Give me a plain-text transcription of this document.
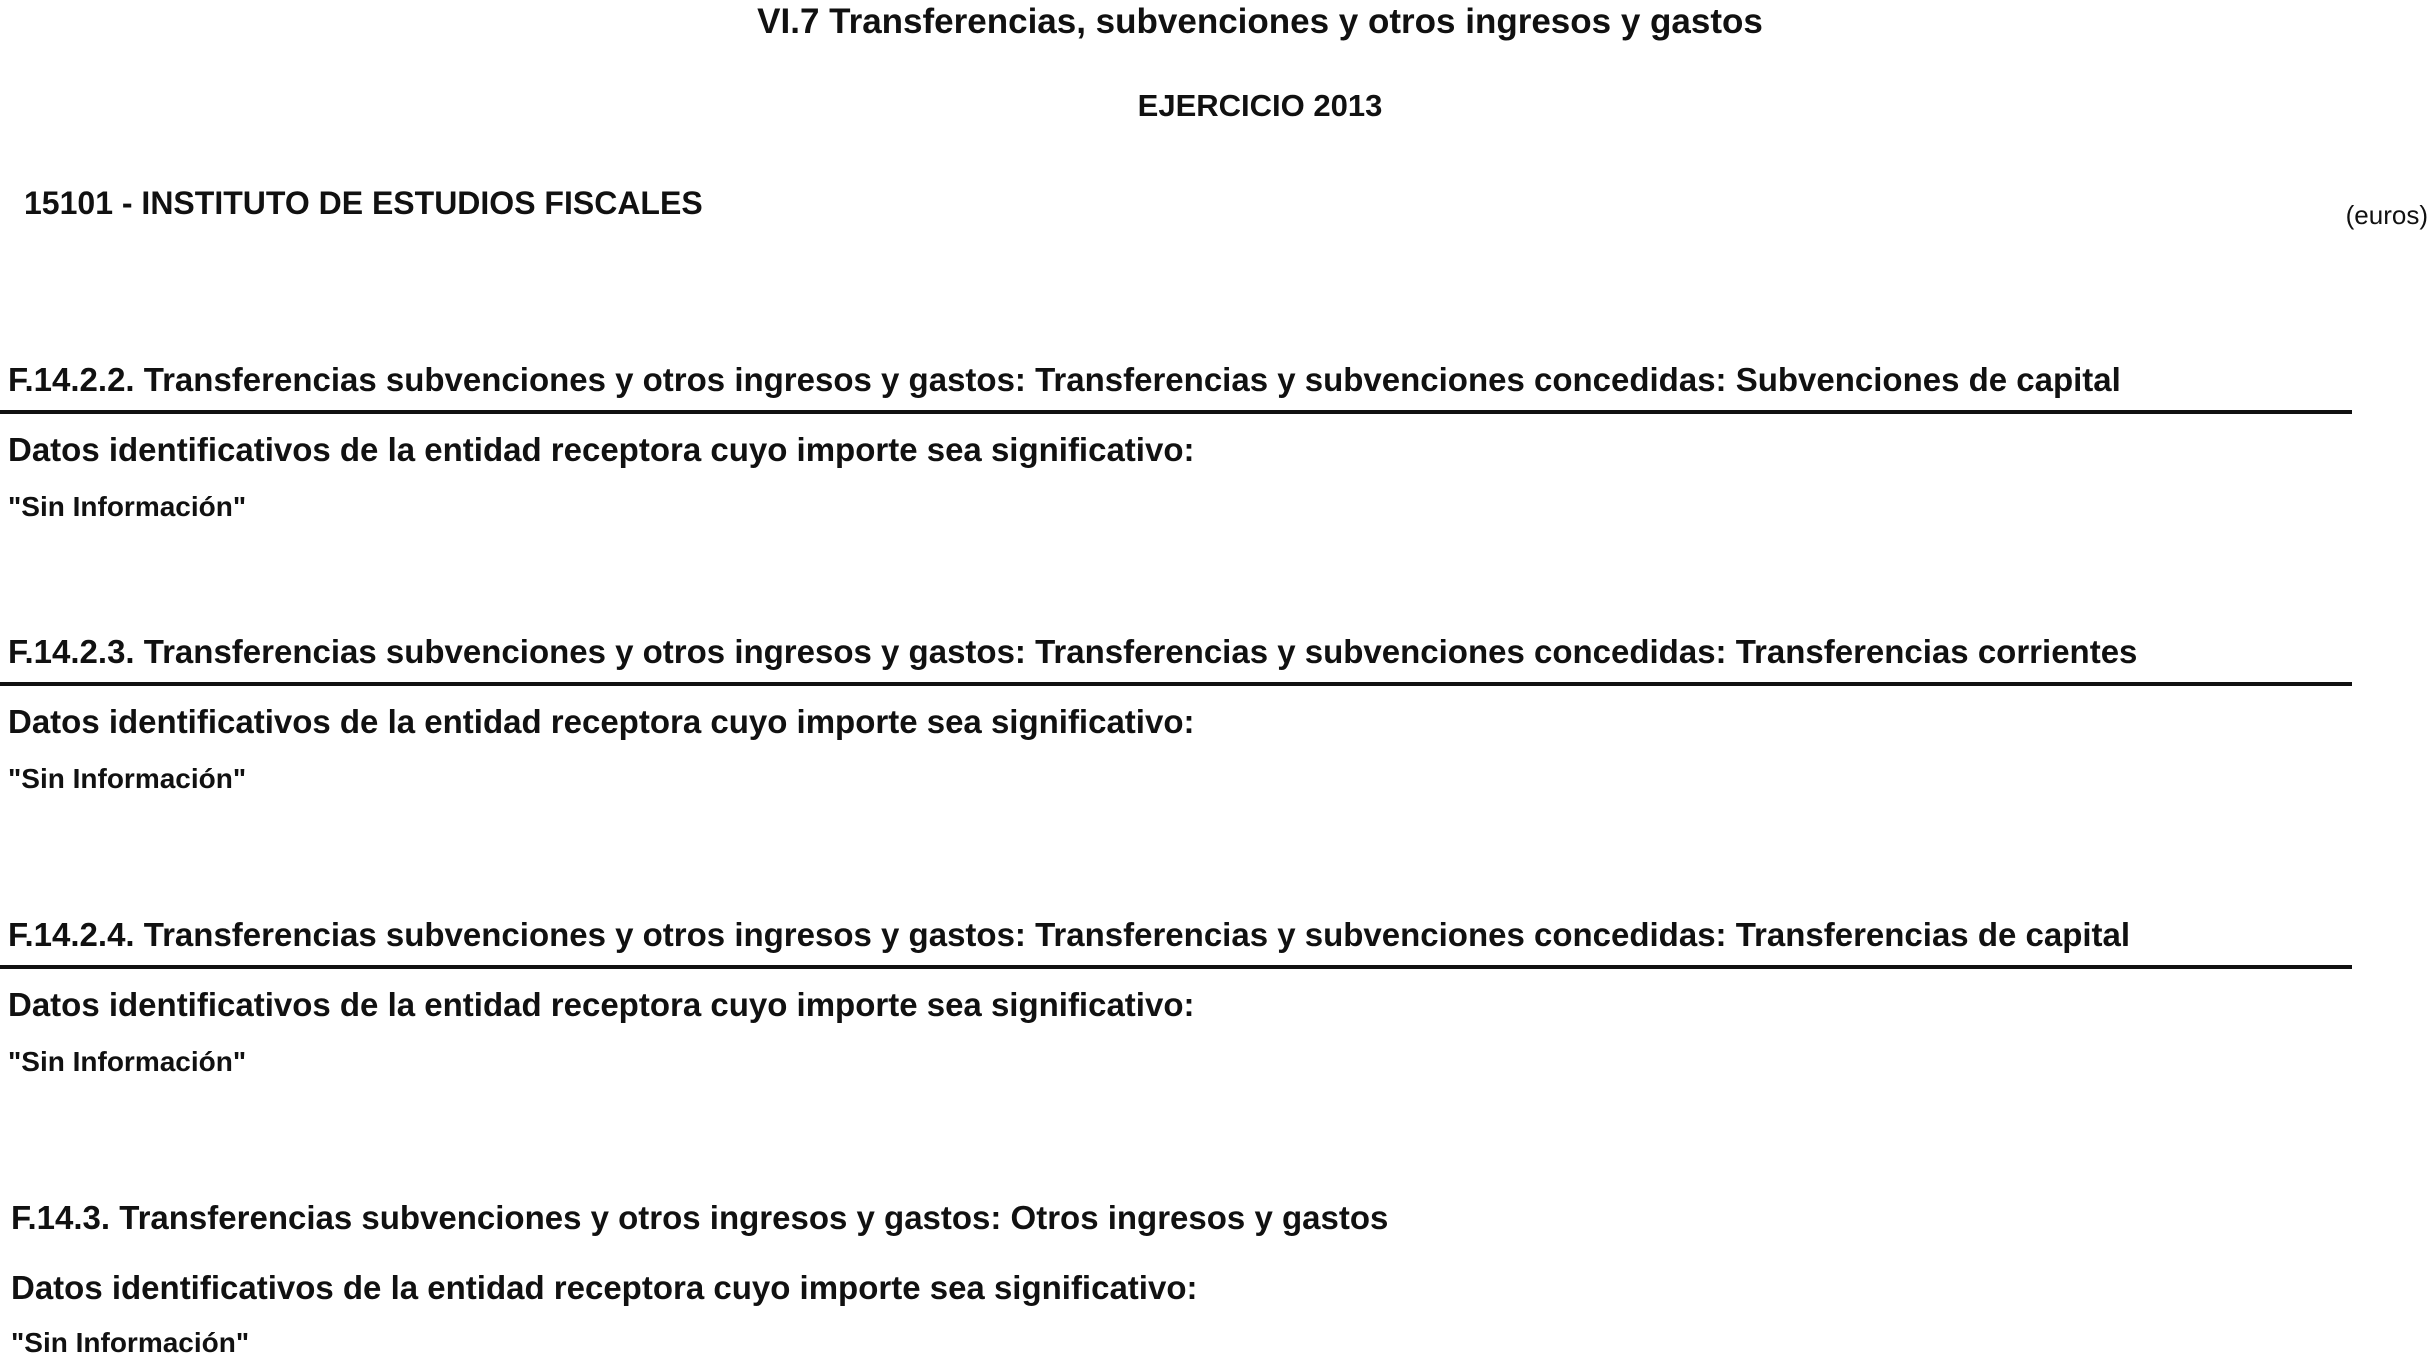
VI.7 Transferencias, subvenciones y otros ingresos y gastos
EJERCICIO 2013
15101 - INSTITUTO DE ESTUDIOS FISCALES	(euros)
F.14.2.2. Transferencias subvenciones y otros ingresos y gastos: Transferencias y subvenciones concedidas: Subvenciones de capital
Datos identificativos de la entidad receptora cuyo importe sea significativo:
"Sin Información"
F.14.2.3. Transferencias subvenciones y otros ingresos y gastos: Transferencias y subvenciones concedidas: Transferencias corrientes
Datos identificativos de la entidad receptora cuyo importe sea significativo:
"Sin Información"
F.14.2.4. Transferencias subvenciones y otros ingresos y gastos: Transferencias y subvenciones concedidas: Transferencias de capital
Datos identificativos de la entidad receptora cuyo importe sea significativo:
"Sin Información"
F.14.3. Transferencias subvenciones y otros ingresos y gastos: Otros ingresos y gastos
Datos identificativos de la entidad receptora cuyo importe sea significativo:
"Sin Información"
